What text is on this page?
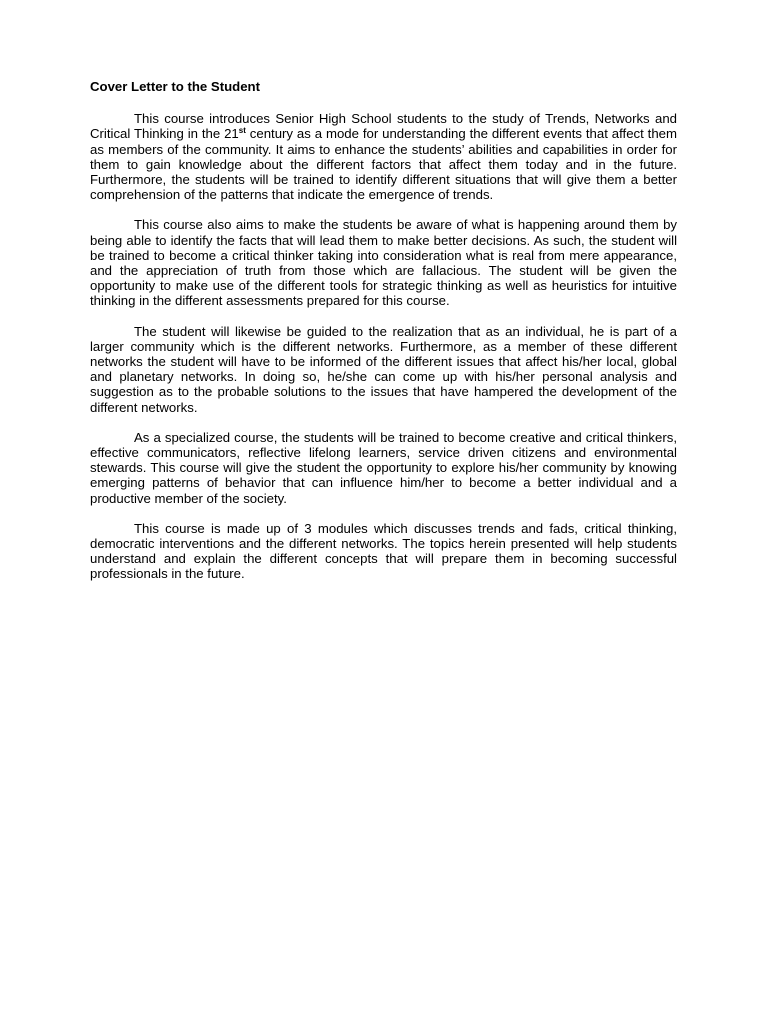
Cover Letter to the Student

This course introduces Senior High School students to the study of Trends, Networks and Critical Thinking in the 21st century as a mode for understanding the different events that affect them as members of the community. It aims to enhance the students’ abilities and capabilities in order for them to gain knowledge about the different factors that affect them today and in the future. Furthermore, the students will be trained to identify different situations that will give them a better comprehension of the patterns that indicate the emergence of trends.

This course also aims to make the students be aware of what is happening around them by being able to identify the facts that will lead them to make better decisions. As such, the student will be trained to become a critical thinker taking into consideration what is real from mere appearance, and the appreciation of truth from those which are fallacious. The student will be given the opportunity to make use of the different tools for strategic thinking as well as heuristics for intuitive thinking in the different assessments prepared for this course.

The student will likewise be guided to the realization that as an individual, he is part of a larger community which is the different networks. Furthermore, as a member of these different networks the student will have to be informed of the different issues that affect his/her local, global and planetary networks. In doing so, he/she can come up with his/her personal analysis and suggestion as to the probable solutions to the issues that have hampered the development of the different networks.

As a specialized course, the students will be trained to become creative and critical thinkers, effective communicators, reflective lifelong learners, service driven citizens and environmental stewards. This course will give the student the opportunity to explore his/her community by knowing emerging patterns of behavior that can influence him/her to become a better individual and a productive member of the society.

This course is made up of 3 modules which discusses trends and fads, critical thinking, democratic interventions and the different networks. The topics herein presented will help students understand and explain the different concepts that will prepare them in becoming successful professionals in the future.
